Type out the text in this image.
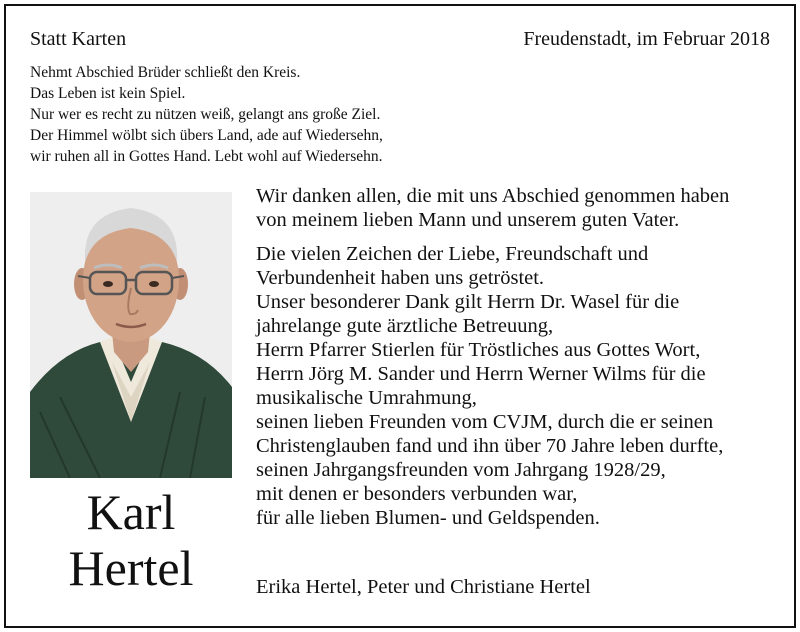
Statt Karten	Freudenstadt, im Februar 2018
Nehmt Abschied Brüder schließt den Kreis.
Das Leben ist kein Spiel.
Nur wer es recht zu nützen weiß, gelangt ans große Ziel.
Der Himmel wölbt sich übers Land, ade auf Wiedersehn,
wir ruhen all in Gottes Hand. Lebt wohl auf Wiedersehn.
Karl
Hertel
Wir danken allen, die mit uns Abschied genommen haben
von meinem lieben Mann und unserem guten Vater.
Die vielen Zeichen der Liebe, Freundschaft und
Verbundenheit haben uns getröstet.
Unser besonderer Dank gilt Herrn Dr. Wasel für die
jahrelange gute ärztliche Betreuung,
Herrn Pfarrer Stierlen für Tröstliches aus Gottes Wort,
Herrn Jörg M. Sander und Herrn Werner Wilms für die
musikalische Umrahmung,
seinen lieben Freunden vom CVJM, durch die er seinen
Christenglauben fand und ihn über 70 Jahre leben durfte,
seinen Jahrgangsfreunden vom Jahrgang 1928/29,
mit denen er besonders verbunden war,
für alle lieben Blumen- und Geldspenden.
Erika Hertel, Peter und Christiane Hertel
